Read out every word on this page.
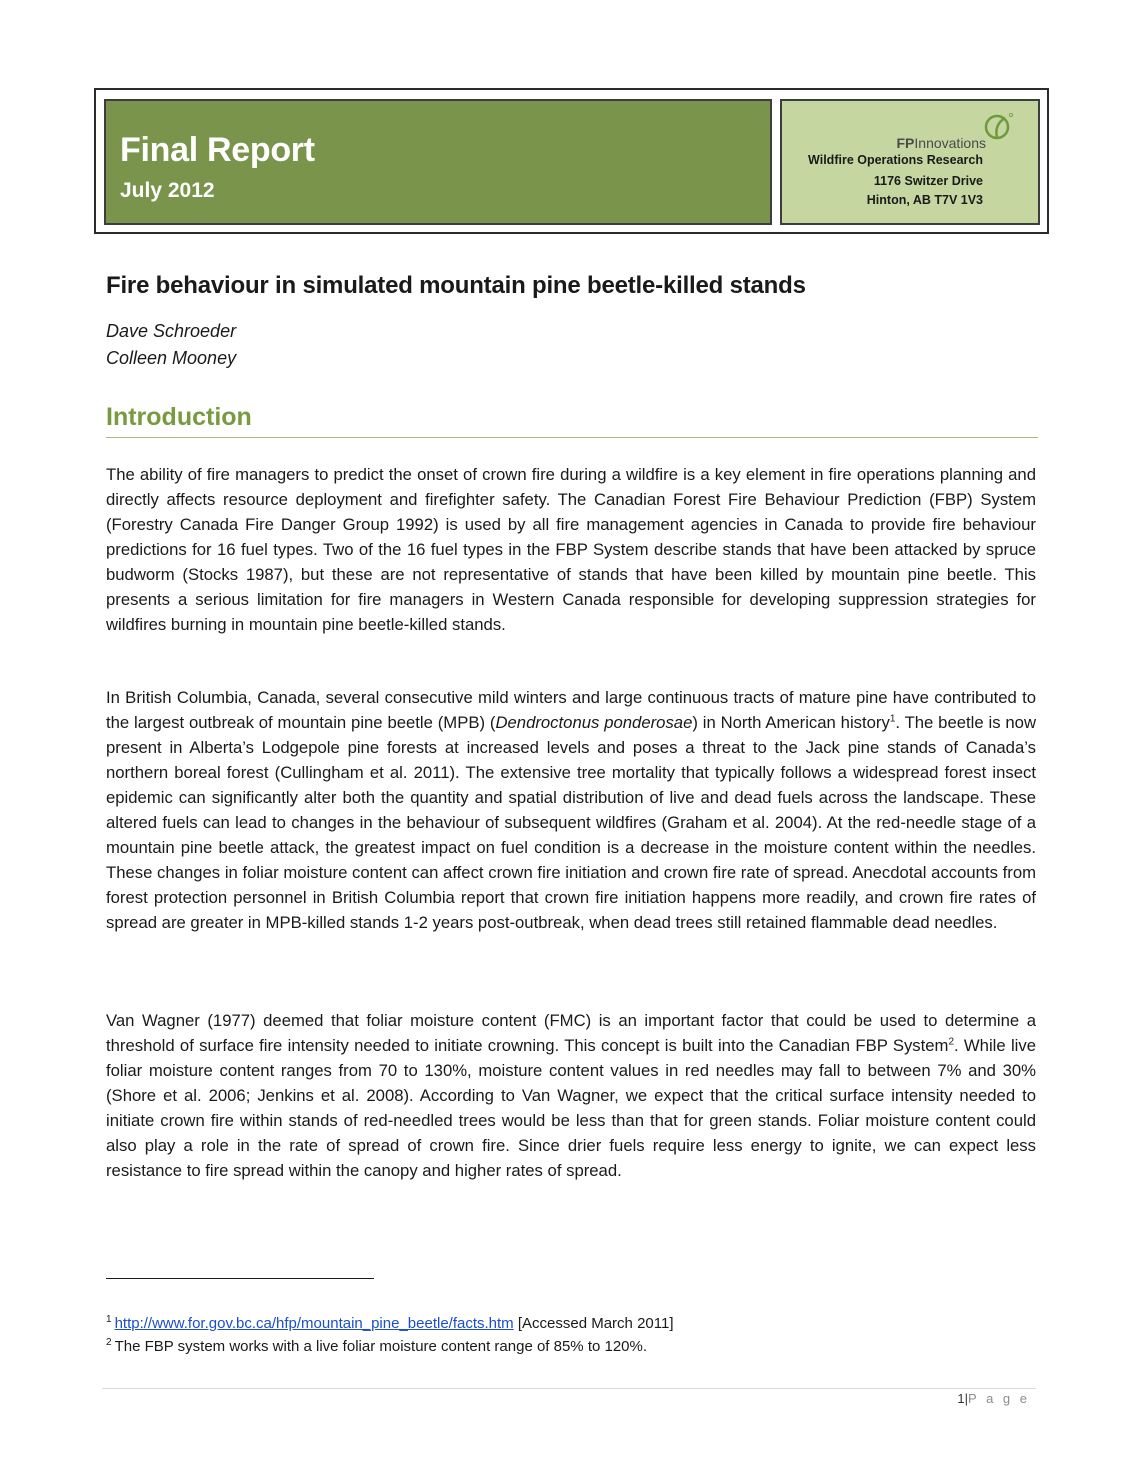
Final Report
July 2012
FPInnovations
Wildfire Operations Research
1176 Switzer Drive
Hinton, AB T7V 1V3
Fire behaviour in simulated mountain pine beetle-killed stands
Dave Schroeder
Colleen Mooney
Introduction

The ability of fire managers to predict the onset of crown fire during a wildfire is a key element in fire operations planning and directly affects resource deployment and firefighter safety. The Canadian Forest Fire Behaviour Prediction (FBP) System (Forestry Canada Fire Danger Group 1992) is used by all fire management agencies in Canada to provide fire behaviour predictions for 16 fuel types. Two of the 16 fuel types in the FBP System describe stands that have been attacked by spruce budworm (Stocks 1987), but these are not representative of stands that have been killed by mountain pine beetle. This presents a serious limitation for fire managers in Western Canada responsible for developing suppression strategies for wildfires burning in mountain pine beetle-killed stands.

In British Columbia, Canada, several consecutive mild winters and large continuous tracts of mature pine have contributed to the largest outbreak of mountain pine beetle (MPB) (Dendroctonus ponderosae) in North American history$^1$. The beetle is now present in Alberta’s Lodgepole pine forests at increased levels and poses a threat to the Jack pine stands of Canada’s northern boreal forest (Cullingham et al. 2011). The extensive tree mortality that typically follows a widespread forest insect epidemic can significantly alter both the quantity and spatial distribution of live and dead fuels across the landscape. These altered fuels can lead to changes in the behaviour of subsequent wildfires (Graham et al. 2004). At the red-needle stage of a mountain pine beetle attack, the greatest impact on fuel condition is a decrease in the moisture content within the needles. These changes in foliar moisture content can affect crown fire initiation and crown fire rate of spread. Anecdotal accounts from forest protection personnel in British Columbia report that crown fire initiation happens more readily, and crown fire rates of spread are greater in MPB-killed stands 1-2 years post-outbreak, when dead trees still retained flammable dead needles.

Van Wagner (1977) deemed that foliar moisture content (FMC) is an important factor that could be used to determine a threshold of surface fire intensity needed to initiate crowning. This concept is built into the Canadian FBP System$^2$. While live foliar moisture content ranges from 70 to 130%, moisture content values in red needles may fall to between 7% and 30% (Shore et al. 2006; Jenkins et al. 2008). According to Van Wagner, we expect that the critical surface intensity needed to initiate crown fire within stands of red-needled trees would be less than that for green stands. Foliar moisture content could also play a role in the rate of spread of crown fire. Since drier fuels require less energy to ignite, we can expect less resistance to fire spread within the canopy and higher rates of spread.

$^1$ http://www.for.gov.bc.ca/hfp/mountain_pine_beetle/facts.htm [Accessed March 2011]
$^2$ The FBP system works with a live foliar moisture content range of 85% to 120%.
1|P a g e
